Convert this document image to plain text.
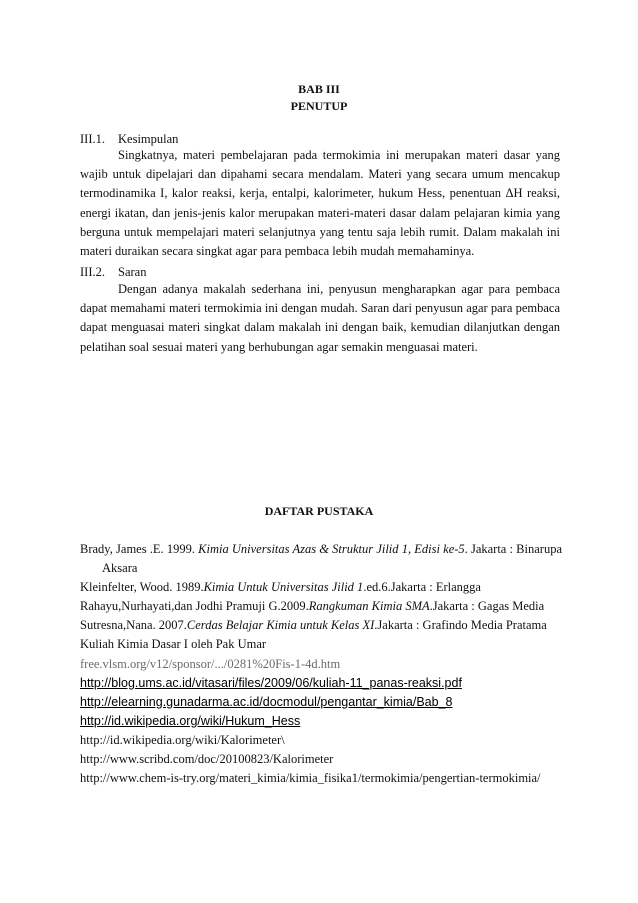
BAB III
PENUTUP
III.1. Kesimpulan

Singkatnya, materi pembelajaran pada termokimia ini merupakan materi dasar yang wajib untuk dipelajari dan dipahami secara mendalam. Materi yang secara umum mencakup termodinamika I, kalor reaksi, kerja, entalpi, kalorimeter, hukum Hess, penentuan ΔH reaksi, energi ikatan, dan jenis-jenis kalor merupakan materi-materi dasar dalam pelajaran kimia yang berguna untuk mempelajari materi selanjutnya yang tentu saja lebih rumit. Dalam makalah ini materi duraikan secara singkat agar para pembaca lebih mudah memahaminya.

III.2. Saran

Dengan adanya makalah sederhana ini, penyusun mengharapkan agar para pembaca dapat memahami materi termokimia ini dengan mudah. Saran dari penyusun agar para pembaca dapat menguasai materi singkat dalam makalah ini dengan baik, kemudian dilanjutkan dengan pelatihan soal sesuai materi yang berhubungan agar semakin menguasai materi.

DAFTAR PUSTAKA

Brady, James .E. 1999. Kimia Universitas Azas & Struktur Jilid 1, Edisi ke-5. Jakarta : BinarupaAksara

Kleinfelter, Wood. 1989.Kimia Untuk Universitas Jilid 1.ed.6.Jakarta : Erlangga

Rahayu,Nurhayati,dan Jodhi Pramuji G.2009.Rangkuman Kimia SMA.Jakarta : Gagas Media

Sutresna,Nana. 2007.Cerdas Belajar Kimia untuk Kelas XI.Jakarta : Grafindo Media Pratama

Kuliah Kimia Dasar I oleh Pak Umar

free.vlsm.org/v12/sponsor/.../0281%20Fis-1-4d.htm

http://blog.ums.ac.id/vitasari/files/2009/06/kuliah-11_panas-reaksi.pdf

http://elearning.gunadarma.ac.id/docmodul/pengantar_kimia/Bab_8

http://id.wikipedia.org/wiki/Hukum_Hess

http://id.wikipedia.org/wiki/Kalorimeter\

http://www.scribd.com/doc/20100823/Kalorimeter

http://www.chem-is-try.org/materi_kimia/kimia_fisika1/termokimia/pengertian-termokimia/
